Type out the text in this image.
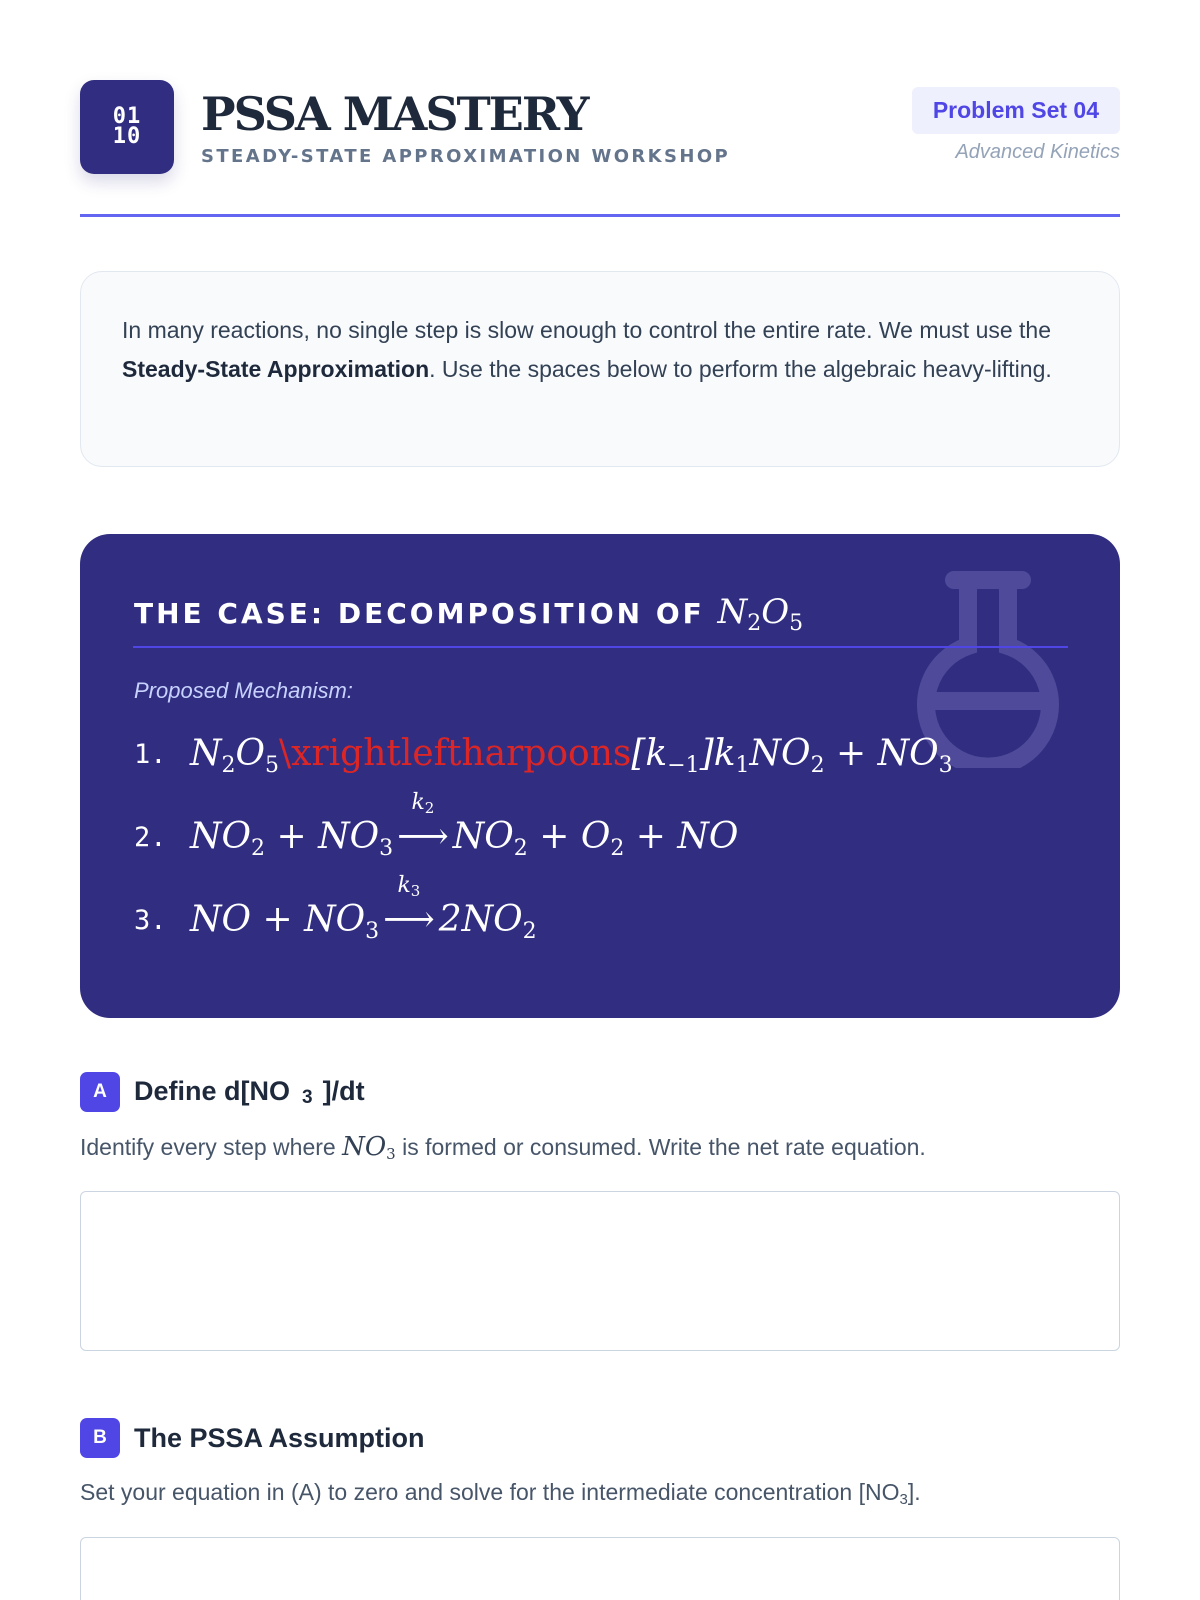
01
10 PSSA MASTERY
STEADY-STATE APPROXIMATION WORKSHOP
Problem Set 04
Advanced Kinetics
In many reactions, no single step is slow enough to control the entire rate. We must use the Steady-State Approximation. Use the spaces below to perform the algebraic heavy-lifting.
THE CASE: DECOMPOSITION OF $N_2O_5$
Proposed Mechanism:
1. $N_2O_5\backslash xrightleftharpoons[k_{-1}]k_1NO_2 + NO_3$
2. $NO_2 + NO_3$
$k_2$
⟶ $NO_2 + O_2$ + NO
3. NO + $NO_3$
$k_3$
⟶ $2NO_2$
A	Define d[NO 3 ]/dt
Identify every step where $NO_3$ is formed or consumed. Write the net rate equation.
B	The PSSA Assumption
Set your equation in (A) to zero and solve for the intermediate concentration $[NO_3]$.
